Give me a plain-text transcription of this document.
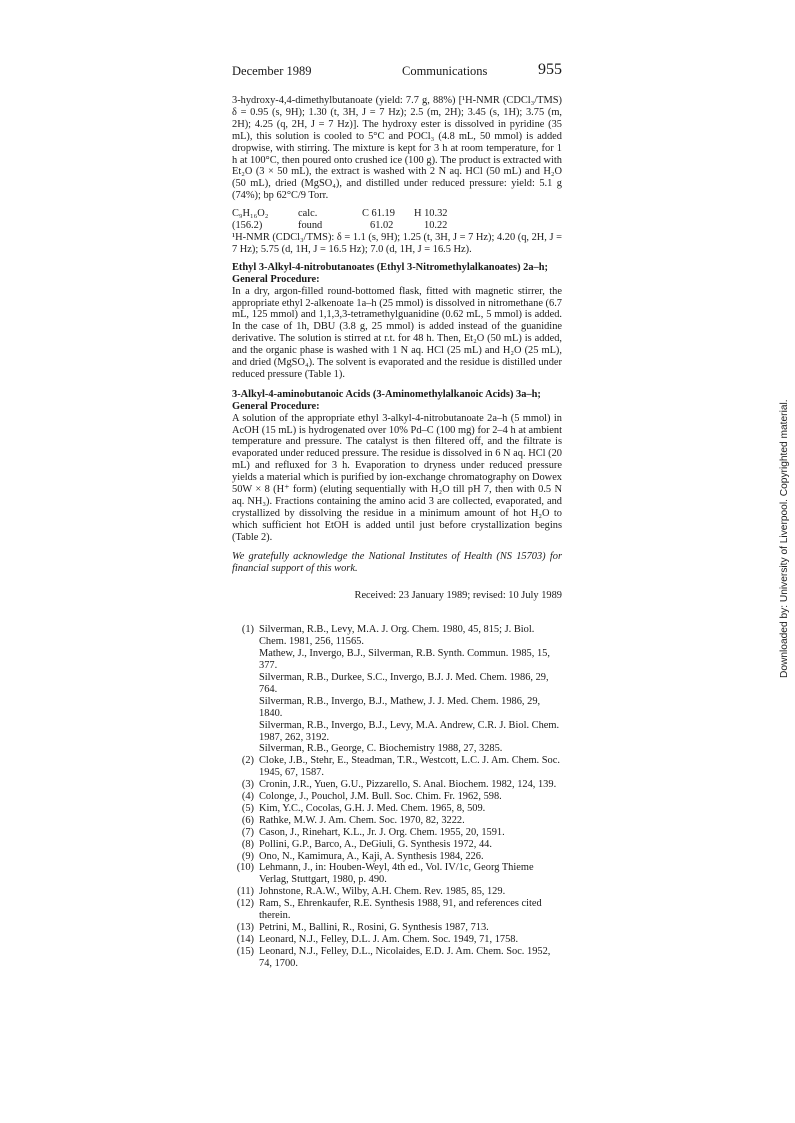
December 1989	Communications	955

3-hydroxy-4,4-dimethylbutanoate (yield: 7.7 g, 88%) [¹H-NMR (CDCl₃/TMS) δ = 0.95 (s, 9H); 1.30 (t, 3H, J = 7 Hz); 2.5 (m, 2H); 3.45 (s, 1H); 3.75 (m, 2H); 4.25 (q, 2H, J = 7 Hz)]. The hydroxy ester is dissolved in pyridine (35 mL), this solution is cooled to 5°C and POCl₃ (4.8 mL, 50 mmol) is added dropwise, with stirring. The mixture is kept for 3 h at room temperature, for 1 h at 100°C, then poured onto crushed ice (100 g). The product is extracted with Et₂O (3 × 50 mL), the extract is washed with 2 N aq. HCl (50 mL) and H₂O (50 mL), dried (MgSO₄), and distilled under reduced pressure: yield: 5.1 g (74%); bp 62°C/9 Torr.

C₉H₁₆O₂	calc.	C 61.19	H 10.32
(156.2)	found	61.02	10.22

¹H-NMR (CDCl₃/TMS): δ = 1.1 (s, 9H); 1.25 (t, 3H, J = 7 Hz); 4.20 (q, 2H, J = 7 Hz); 5.75 (d, 1H, J = 16.5 Hz); 7.0 (d, 1H, J = 16.5 Hz).

Ethyl 3-Alkyl-4-nitrobutanoates (Ethyl 3-Nitromethylalkanoates) 2a–h; General Procedure:

In a dry, argon-filled round-bottomed flask, fitted with magnetic stirrer, the appropriate ethyl 2-alkenoate 1a–h (25 mmol) is dissolved in nitromethane (6.7 mL, 125 mmol) and 1,1,3,3-tetramethylguanidine (0.62 mL, 5 mmol) is added. In the case of 1h, DBU (3.8 g, 25 mmol) is added instead of the guanidine derivative. The solution is stirred at r.t. for 48 h. Then, Et₂O (50 mL) is added, and the organic phase is washed with 1 N aq. HCl (25 mL) and H₂O (25 mL), and dried (MgSO₄). The solvent is evaporated and the residue is distilled under reduced pressure (Table 1).

3-Alkyl-4-aminobutanoic Acids (3-Aminomethylalkanoic Acids) 3a–h; General Procedure:

A solution of the appropriate ethyl 3-alkyl-4-nitrobutanoate 2a–h (5 mmol) in AcOH (15 mL) is hydrogenated over 10% Pd–C (100 mg) for 2–4 h at ambient temperature and pressure. The catalyst is then filtered off, and the filtrate is evaporated under reduced pressure. The residue is dissolved in 6 N aq. HCl (20 mL) and refluxed for 3 h. Evaporation to dryness under reduced pressure yields a material which is purified by ion-exchange chromatography on Dowex 50W × 8 (H⁺ form) (eluting sequentially with H₂O till pH 7, then with 0.5 N aq. NH₃). Fractions containing the amino acid 3 are collected, evaporated, and crystallized by dissolving the residue in a minimum amount of hot H₂O to which sufficient hot EtOH is added until just before crystallization begins (Table 2).

We gratefully acknowledge the National Institutes of Health (NS 15703) for financial support of this work.

Received: 23 January 1989; revised: 10 July 1989
(1) Silverman, R.B., Levy, M.A. J. Org. Chem. 1980, 45, 815; J. Biol. Chem. 1981, 256, 11565.
Mathew, J., Invergo, B.J., Silverman, R.B. Synth. Commun. 1985, 15, 377.
Silverman, R.B., Durkee, S.C., Invergo, B.J. J. Med. Chem. 1986, 29, 764.
Silverman, R.B., Invergo, B.J., Mathew, J. J. Med. Chem. 1986, 29, 1840.
Silverman, R.B., Invergo, B.J., Levy, M.A. Andrew, C.R. J. Biol. Chem. 1987, 262, 3192.
Silverman, R.B., George, C. Biochemistry 1988, 27, 3285.
(2) Cloke, J.B., Stehr, E., Steadman, T.R., Westcott, L.C. J. Am. Chem. Soc. 1945, 67, 1587.
(3) Cronin, J.R., Yuen, G.U., Pizzarello, S. Anal. Biochem. 1982, 124, 139.
(4) Colonge, J., Pouchol, J.M. Bull. Soc. Chim. Fr. 1962, 598.
(5) Kim, Y.C., Cocolas, G.H. J. Med. Chem. 1965, 8, 509.
(6) Rathke, M.W. J. Am. Chem. Soc. 1970, 82, 3222.
(7) Cason, J., Rinehart, K.L., Jr. J. Org. Chem. 1955, 20, 1591.
(8) Pollini, G.P., Barco, A., DeGiuli, G. Synthesis 1972, 44.
(9) Ono, N., Kamimura, A., Kaji, A. Synthesis 1984, 226.
(10) Lehmann, J., in: Houben-Weyl, 4th ed., Vol. IV/1c, Georg Thieme Verlag, Stuttgart, 1980, p. 490.
(11) Johnstone, R.A.W., Wilby, A.H. Chem. Rev. 1985, 85, 129.
(12) Ram, S., Ehrenkaufer, R.E. Synthesis 1988, 91, and references cited therein.
(13) Petrini, M., Ballini, R., Rosini, G. Synthesis 1987, 713.
(14) Leonard, N.J., Felley, D.L. J. Am. Chem. Soc. 1949, 71, 1758.
(15) Leonard, N.J., Felley, D.L., Nicolaides, E.D. J. Am. Chem. Soc. 1952, 74, 1700.
Downloaded by: University of Liverpool. Copyrighted material.
